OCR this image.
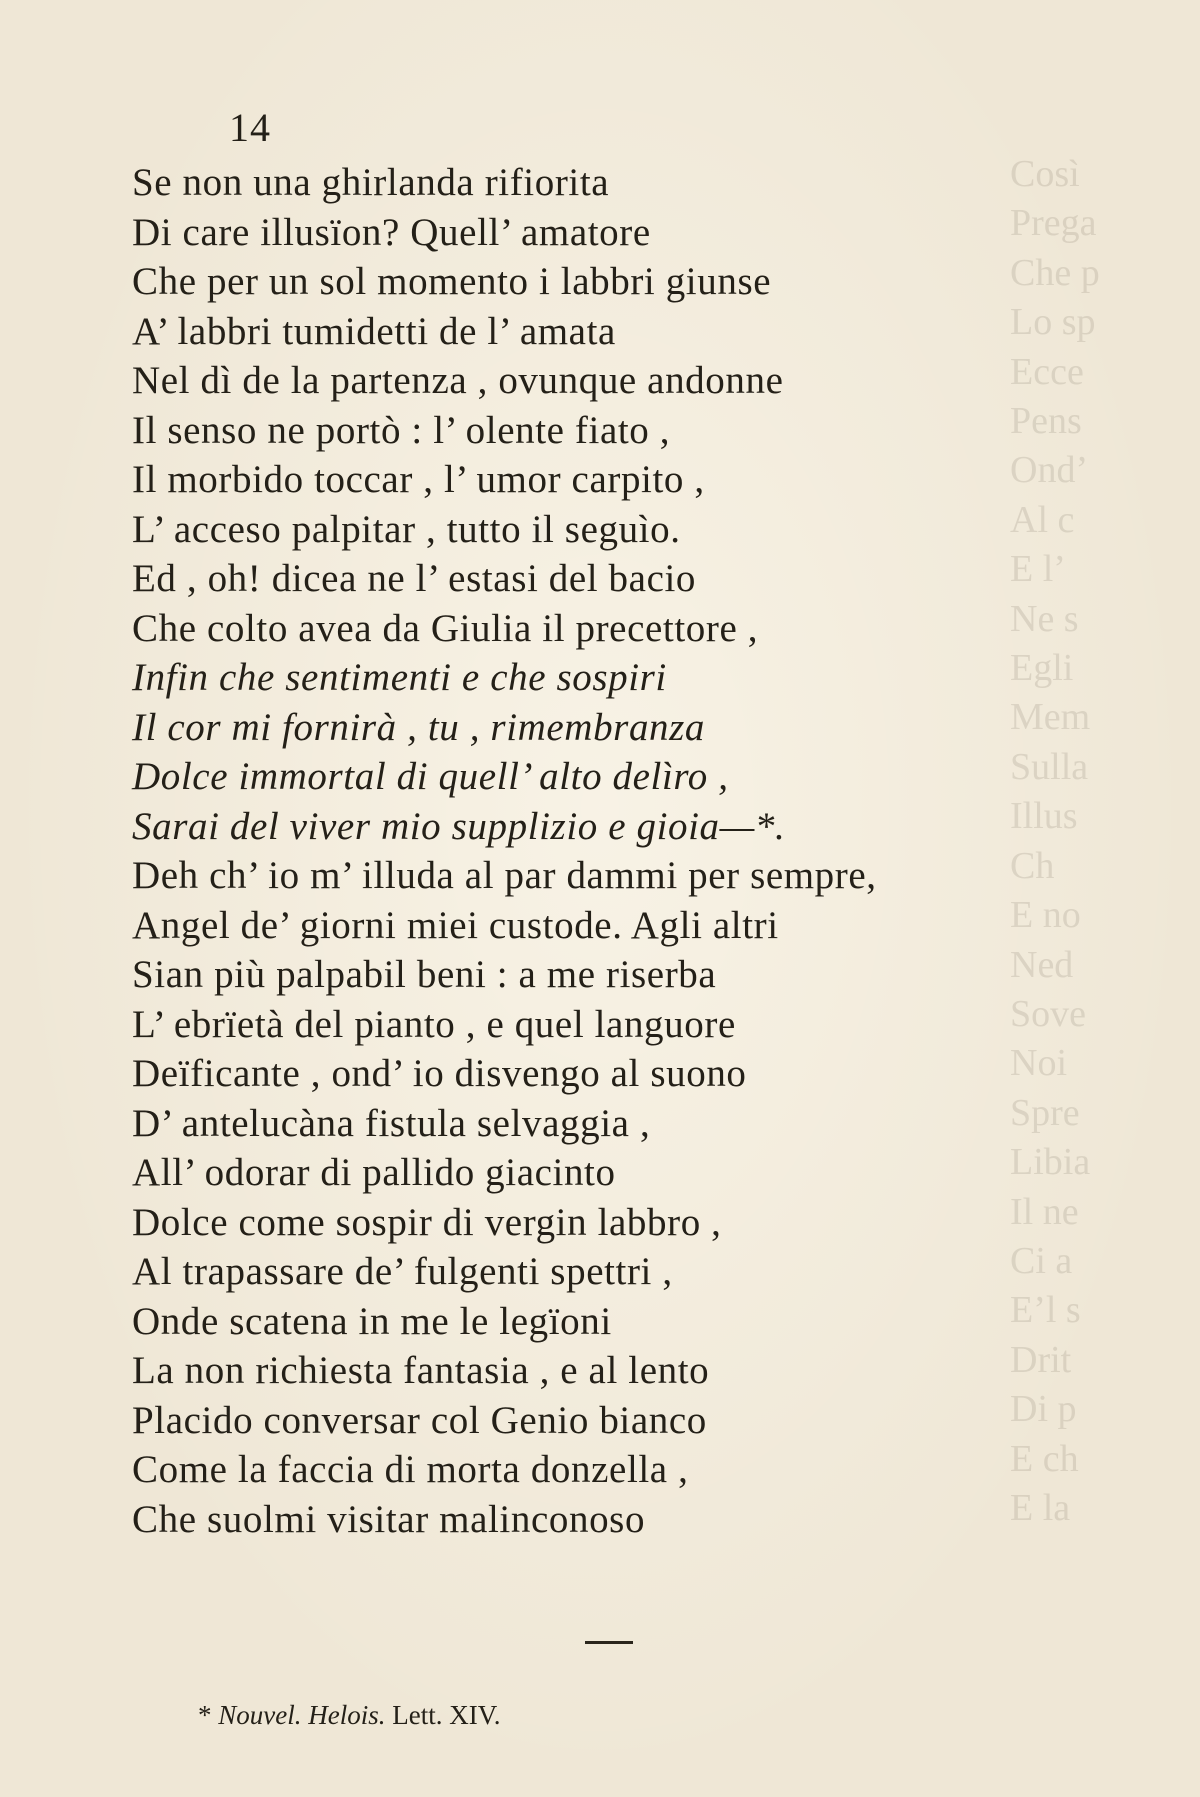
Così
Prega
Che p
Lo sp
Ecce
Pens
Ond’
Al c
E l’
Ne s
Egli
Mem
Sulla
Illus
Ch
E no
Ned
Sove
Noi
Spre
Libia
Il ne
Ci a
E’l s
Drit
Di p
E ch
E la
14
Se non una ghirlanda rifiorita
Di care illusïon? Quell’ amatore
Che per un sol momento i labbri giunse
A’ labbri tumidetti de l’ amata
Nel dì de la partenza , ovunque andonne
Il senso ne portò : l’ olente fiato ,
Il morbido toccar , l’ umor carpito ,
L’ acceso palpitar , tutto il seguìo.
Ed , oh! dicea ne l’ estasi del bacio
Che colto avea da Giulia il precettore ,
Infin che sentimenti e che sospiri
Il cor mi fornirà , tu , rimembranza
Dolce immortal di quell’ alto delìro ,
Sarai del viver mio supplizio e gioia—*.
Deh ch’ io m’ illuda al par dammi per sempre,
Angel de’ giorni miei custode. Agli altri
Sian più palpabil beni : a me riserba
L’ ebrïetà del pianto , e quel languore
Deïficante , ond’ io disvengo al suono
D’ antelucàna fistula selvaggia ,
All’ odorar di pallido giacinto
Dolce come sospir di vergin labbro ,
Al trapassare de’ fulgenti spettri ,
Onde scatena in me le legïoni
La non richiesta fantasia , e al lento
Placido conversar col Genio bianco
Come la faccia di morta donzella ,
Che suolmi visitar malinconoso
* Nouvel. Helois. Lett. XIV.
